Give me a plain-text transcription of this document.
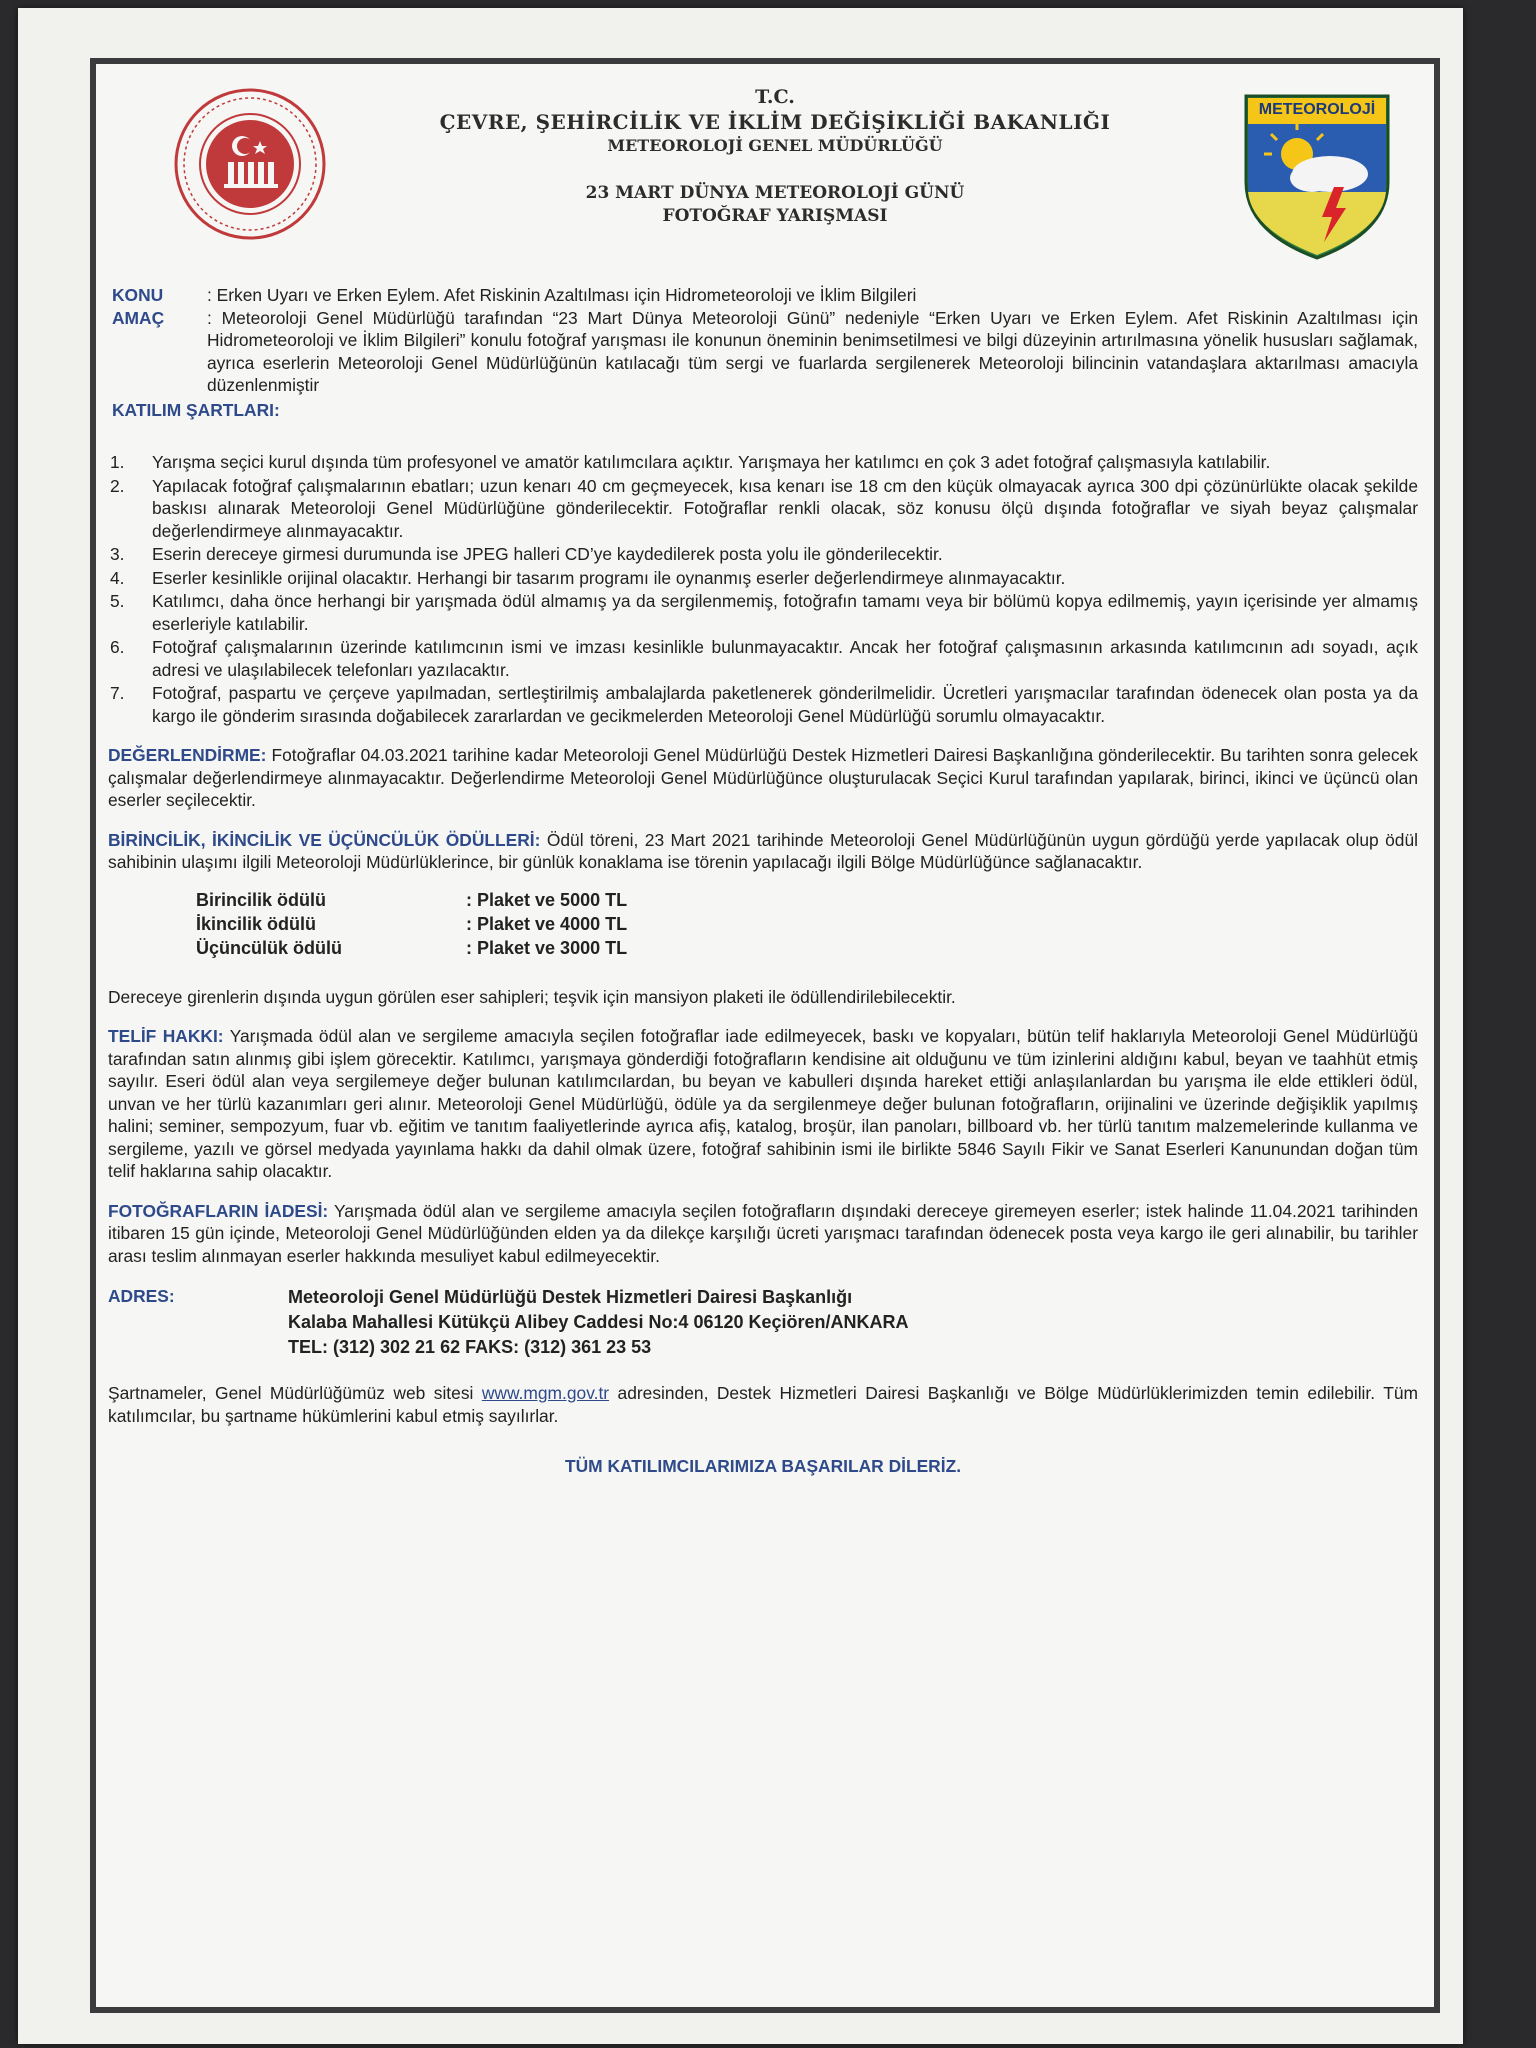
METEOROLOJİ
T.C.
ÇEVRE, ŞEHİRCİLİK VE İKLİM DEĞİŞİKLİĞİ BAKANLIĞI
METEOROLOJİ GENEL MÜDÜRLÜĞÜ
23 MART DÜNYA METEOROLOJİ GÜNÜ
FOTOĞRAF YARIŞMASI
KONU	: Erken Uyarı ve Erken Eylem. Afet Riskinin Azaltılması için Hidrometeoroloji ve İklim Bilgileri
AMAÇ	: Meteoroloji Genel Müdürlüğü tarafından “23 Mart Dünya Meteoroloji Günü” nedeniyle “Erken Uyarı ve Erken Eylem. Afet Riskinin Azaltılması için Hidrometeoroloji ve İklim Bilgileri” konulu fotoğraf yarışması ile konunun öneminin benimsetilmesi ve bilgi düzeyinin artırılmasına yönelik hususları sağlamak, ayrıca eserlerin Meteoroloji Genel Müdürlüğünün katılacağı tüm sergi ve fuarlarda sergilenerek Meteoroloji bilincinin vatandaşlara aktarılması amacıyla düzenlenmiştir
KATILIM ŞARTLARI:
1.	Yarışma seçici kurul dışında tüm profesyonel ve amatör katılımcılara açıktır. Yarışmaya her katılımcı en çok 3 adet fotoğraf çalışmasıyla katılabilir.
2.	Yapılacak fotoğraf çalışmalarının ebatları; uzun kenarı 40 cm geçmeyecek, kısa kenarı ise 18 cm den küçük olmayacak ayrıca 300 dpi çözünürlükte olacak şekilde baskısı alınarak Meteoroloji Genel Müdürlüğüne gönderilecektir. Fotoğraflar renkli olacak, söz konusu ölçü dışında fotoğraflar ve siyah beyaz çalışmalar değerlendirmeye alınmayacaktır.
3.	Eserin dereceye girmesi durumunda ise JPEG halleri CD’ye kaydedilerek posta yolu ile gönderilecektir.
4.	Eserler kesinlikle orijinal olacaktır. Herhangi bir tasarım programı ile oynanmış eserler değerlendirmeye alınmayacaktır.
5.	Katılımcı, daha önce herhangi bir yarışmada ödül almamış ya da sergilenmemiş, fotoğrafın tamamı veya bir bölümü kopya edilmemiş, yayın içerisinde yer almamış eserleriyle katılabilir.
6.	Fotoğraf çalışmalarının üzerinde katılımcının ismi ve imzası kesinlikle bulunmayacaktır. Ancak her fotoğraf çalışmasının arkasında katılımcının adı soyadı, açık adresi ve ulaşılabilecek telefonları yazılacaktır.
7.	Fotoğraf, paspartu ve çerçeve yapılmadan, sertleştirilmiş ambalajlarda paketlenerek gönderilmelidir. Ücretleri yarışmacılar tarafından ödenecek olan posta ya da kargo ile gönderim sırasında doğabilecek zararlardan ve gecikmelerden Meteoroloji Genel Müdürlüğü sorumlu olmayacaktır.
DEĞERLENDİRME: Fotoğraflar 04.03.2021 tarihine kadar Meteoroloji Genel Müdürlüğü Destek Hizmetleri Dairesi Başkanlığına gönderilecektir. Bu tarihten sonra gelecek çalışmalar değerlendirmeye alınmayacaktır. Değerlendirme Meteoroloji Genel Müdürlüğünce oluşturulacak Seçici Kurul tarafından yapılarak, birinci, ikinci ve üçüncü olan eserler seçilecektir.
BİRİNCİLİK, İKİNCİLİK VE ÜÇÜNCÜLÜK ÖDÜLLERİ: Ödül töreni, 23 Mart 2021 tarihinde Meteoroloji Genel Müdürlüğünün uygun gördüğü yerde yapılacak olup ödül sahibinin ulaşımı ilgili Meteoroloji Müdürlüklerince, bir günlük konaklama ise törenin yapılacağı ilgili Bölge Müdürlüğünce sağlanacaktır.
Birincilik ödülü	: Plaket ve 5000 TL
İkincilik ödülü	: Plaket ve 4000 TL
Üçüncülük ödülü	: Plaket ve 3000 TL
Dereceye girenlerin dışında uygun görülen eser sahipleri; teşvik için mansiyon plaketi ile ödüllendirilebilecektir.
TELİF HAKKI: Yarışmada ödül alan ve sergileme amacıyla seçilen fotoğraflar iade edilmeyecek, baskı ve kopyaları, bütün telif haklarıyla Meteoroloji Genel Müdürlüğü tarafından satın alınmış gibi işlem görecektir. Katılımcı, yarışmaya gönderdiği fotoğrafların kendisine ait olduğunu ve tüm izinlerini aldığını kabul, beyan ve taahhüt etmiş sayılır. Eseri ödül alan veya sergilemeye değer bulunan katılımcılardan, bu beyan ve kabulleri dışında hareket ettiği anlaşılanlardan bu yarışma ile elde ettikleri ödül, unvan ve her türlü kazanımları geri alınır. Meteoroloji Genel Müdürlüğü, ödüle ya da sergilenmeye değer bulunan fotoğrafların, orijinalini ve üzerinde değişiklik yapılmış halini; seminer, sempozyum, fuar vb. eğitim ve tanıtım faaliyetlerinde ayrıca afiş, katalog, broşür, ilan panoları, billboard vb. her türlü tanıtım malzemelerinde kullanma ve sergileme, yazılı ve görsel medyada yayınlama hakkı da dahil olmak üzere, fotoğraf sahibinin ismi ile birlikte 5846 Sayılı Fikir ve Sanat Eserleri Kanunundan doğan tüm telif haklarına sahip olacaktır.
FOTOĞRAFLARIN İADESİ: Yarışmada ödül alan ve sergileme amacıyla seçilen fotoğrafların dışındaki dereceye giremeyen eserler; istek halinde 11.04.2021 tarihinden itibaren 15 gün içinde, Meteoroloji Genel Müdürlüğünden elden ya da dilekçe karşılığı ücreti yarışmacı tarafından ödenecek posta veya kargo ile geri alınabilir, bu tarihler arası teslim alınmayan eserler hakkında mesuliyet kabul edilmeyecektir.
ADRES:	Meteoroloji Genel Müdürlüğü Destek Hizmetleri Dairesi Başkanlığı
Kalaba Mahallesi Kütükçü Alibey Caddesi No:4 06120 Keçiören/ANKARA
TEL: (312) 302 21 62 FAKS: (312) 361 23 53
Şartnameler, Genel Müdürlüğümüz web sitesi www.mgm.gov.tr adresinden, Destek Hizmetleri Dairesi Başkanlığı ve Bölge Müdürlüklerimizden temin edilebilir. Tüm katılımcılar, bu şartname hükümlerini kabul etmiş sayılırlar.
TÜM KATILIMCILARIMIZA BAŞARILAR DİLERİZ.
